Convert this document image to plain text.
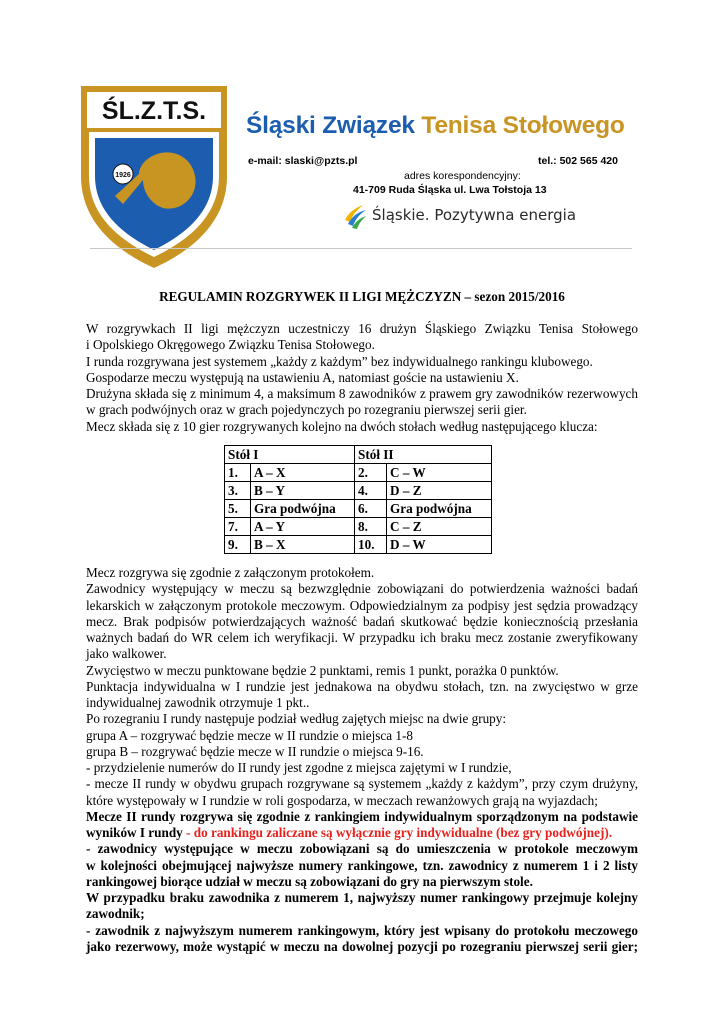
ŚL.Z.T.S.
1926
Śląski Związek Tenisa Stołowego
e-mail: slaski@pzts.pl	tel.: 502 565 420
adres korespondencyjny:
41-709 Ruda Śląska ul. Lwa Tołstoja 13
Śląskie. Pozytywna energia
REGULAMIN ROZGRYWEK II LIGI MĘŻCZYZN – sezon 2015/2016
W rozgrywkach II ligi mężczyzn uczestniczy 16 drużyn Śląskiego Związku Tenisa Stołowego
i Opolskiego Okręgowego Związku Tenisa Stołowego.
I runda rozgrywana jest systemem „każdy z każdym” bez indywidualnego rankingu klubowego.
Gospodarze meczu występują na ustawieniu A, natomiast goście na ustawieniu X.
Drużyna składa się z minimum 4, a maksimum 8 zawodników z prawem gry zawodników rezerwowych
w grach podwójnych oraz w grach pojedynczych po rozegraniu pierwszej serii gier.
Mecz składa się z 10 gier rozgrywanych kolejno na dwóch stołach według następującego klucza:
Stół I		Stół II	
1.	A – X	2.	C – W
3.	B – Y	4.	D – Z
5.	Gra podwójna	6.	Gra podwójna
7.	A – Y	8.	C – Z
9.	B – X	10.	D – W
Mecz rozgrywa się zgodnie z załączonym protokołem.
Zawodnicy występujący w meczu są bezwzględnie zobowiązani do potwierdzenia ważności badań
lekarskich w załączonym protokole meczowym. Odpowiedzialnym za podpisy jest sędzia prowadzący
mecz. Brak podpisów potwierdzających ważność badań skutkować będzie koniecznością przesłania
ważnych badań do WR celem ich weryfikacji. W przypadku ich braku mecz zostanie zweryfikowany
jako walkower.
Zwycięstwo w meczu punktowane będzie 2 punktami, remis 1 punkt, porażka 0 punktów.
Punktacja indywidualna w I rundzie jest jednakowa na obydwu stołach, tzn. na zwycięstwo w grze
indywidualnej zawodnik otrzymuje 1 pkt..
Po rozegraniu I rundy następuje podział według zajętych miejsc na dwie grupy:
grupa A – rozgrywać będzie mecze w II rundzie o miejsca 1-8
grupa B – rozgrywać będzie mecze w II rundzie o miejsca 9-16.
- przydzielenie numerów do II rundy jest zgodne z miejsca zajętymi w I rundzie,
- mecze II rundy w obydwu grupach rozgrywane są systemem „każdy z każdym”, przy czym drużyny,
które występowały w I rundzie w roli gospodarza, w meczach rewanżowych grają na wyjazdach;
Mecze II rundy rozgrywa się zgodnie z rankingiem indywidualnym sporządzonym na podstawie
wyników I rundy - do rankingu zaliczane są wyłącznie gry indywidualne (bez gry podwójnej).
- zawodnicy występujące w meczu zobowiązani są do umieszczenia w protokole meczowym
w kolejności obejmującej najwyższe numery rankingowe, tzn. zawodnicy z numerem 1 i 2 listy
rankingowej biorące udział w meczu są zobowiązani do gry na pierwszym stole.
W przypadku braku zawodnika z numerem 1, najwyższy numer rankingowy przejmuje kolejny
zawodnik;
- zawodnik z najwyższym numerem rankingowym, który jest wpisany do protokołu meczowego
jako rezerwowy, może wystąpić w meczu na dowolnej pozycji po rozegraniu pierwszej serii gier;
